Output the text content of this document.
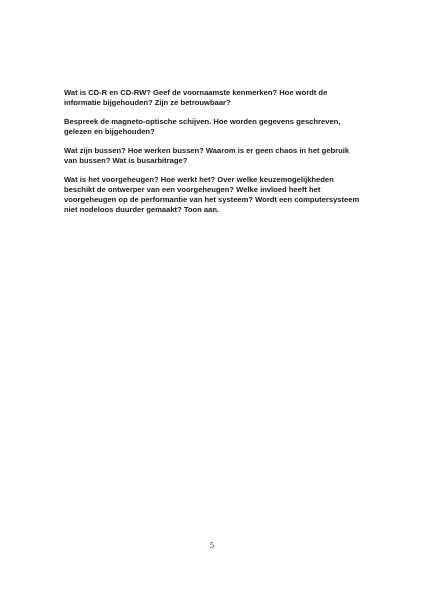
Wat is CD-R en CD-RW? Geef de voornaamste kenmerken? Hoe wordt de informatie bijgehouden? Zijn ze betrouwbaar?

Bespreek de magneto-optische schijven. Hoe worden gegevens geschreven, gelezen en bijgehouden?

Wat zijn bussen? Hoe werken bussen? Waarom is er geen chaos in het gebruik van bussen? Wat is busarbitrage?

Wat is het voorgeheugen? Hoe werkt het? Over welke keuzemogelijkheden beschikt de ontwerper van een voorgeheugen? Welke invloed heeft het voorgeheugen op de performantie van het systeem? Wordt een computersysteem niet nodeloos duurder gemaakt? Toon aan.

5
